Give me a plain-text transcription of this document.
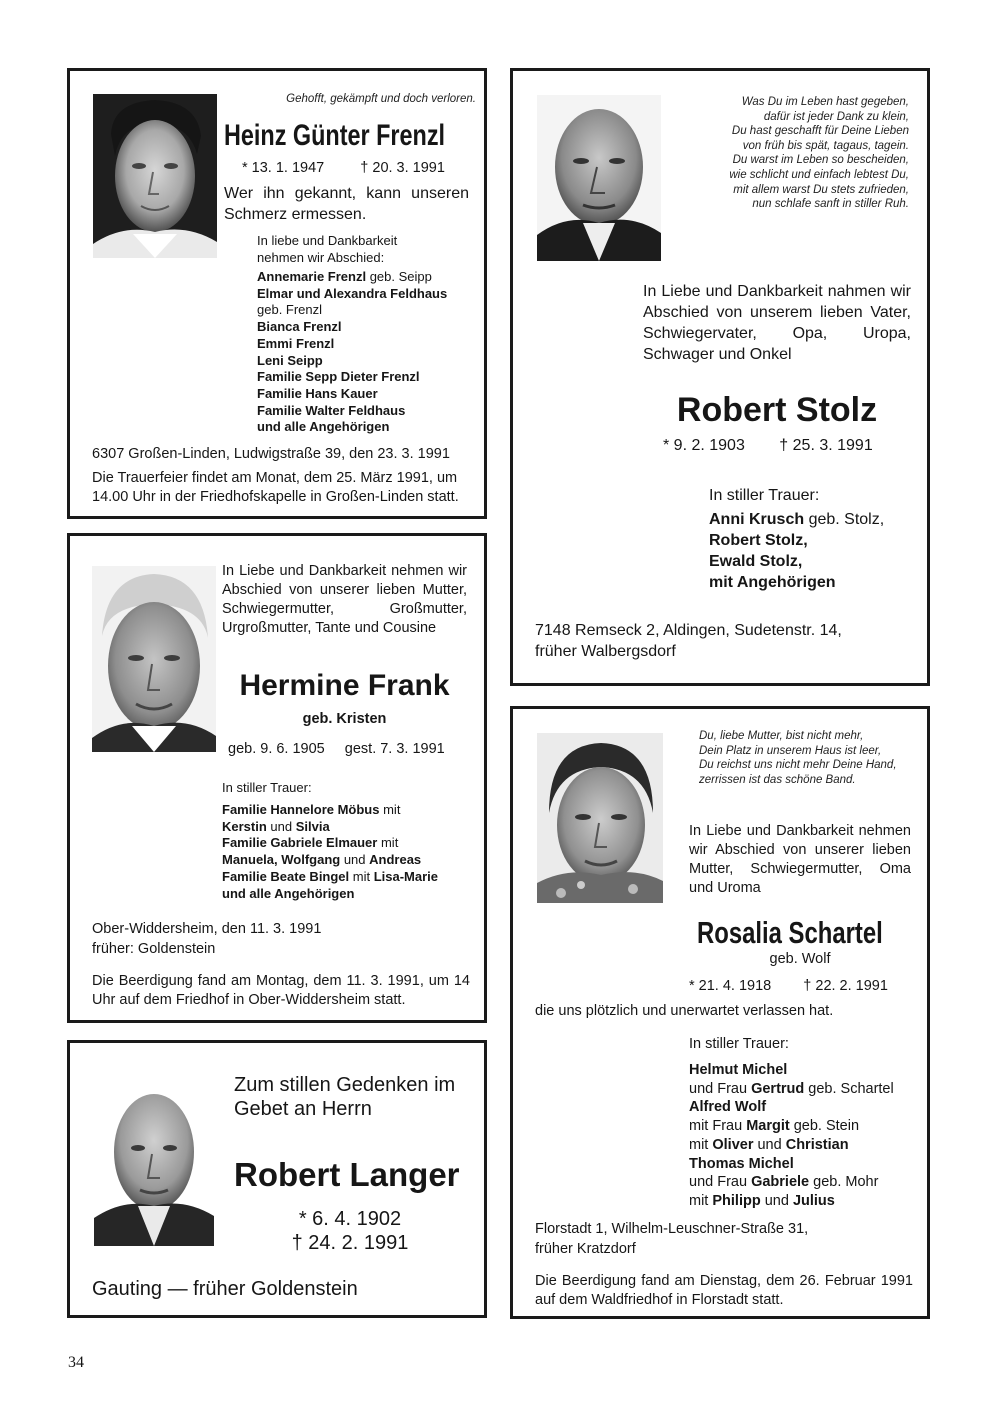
Gehofft, gekämpft und doch verloren.
Heinz Günter Frenzl
* 13. 1. 1947 † 20. 3. 1991
Wer ihn gekannt, kann unseren Schmerz ermessen.
In liebe und Dankbarkeit nehmen wir Abschied:
Annemarie Frenzl geb. Seipp
Elmar und Alexandra Feldhaus
geb. Frenzl
Bianca Frenzl
Emmi Frenzl
Leni Seipp
Familie Sepp Dieter Frenzl
Familie Hans Kauer
Familie Walter Feldhaus
und alle Angehörigen
6307 Großen-Linden, Ludwigstraße 39, den 23. 3. 1991
Die Trauerfeier findet am Monat, dem 25. März 1991, um 14.00 Uhr in der Friedhofskapelle in Großen-Linden statt.
In Liebe und Dankbarkeit nehmen wir Abschied von unserer lieben Mutter, Schwiegermutter, Großmutter, Urgroßmutter, Tante und Cousine
Hermine Frank
geb. Kristen
geb. 9. 6. 1905 gest. 7. 3. 1991
In stiller Trauer:
Familie Hannelore Möbus mit
Kerstin und Silvia
Familie Gabriele Elmauer mit
Manuela, Wolfgang und Andreas
Familie Beate Bingel mit Lisa-Marie
und alle Angehörigen
Ober-Widdersheim, den 11. 3. 1991
früher: Goldenstein
Die Beerdigung fand am Montag, dem 11. 3. 1991, um 14 Uhr auf dem Friedhof in Ober-Widdersheim statt.
Zum stillen Gedenken im Gebet an Herrn
Robert Langer
* 6. 4. 1902
† 24. 2. 1991
Gauting — früher Goldenstein
Was Du im Leben hast gegeben,
dafür ist jeder Dank zu klein,
Du hast geschafft für Deine Lieben
von früh bis spät, tagaus, tagein.
Du warst im Leben so bescheiden,
wie schlicht und einfach lebtest Du,
mit allem warst Du stets zufrieden,
nun schlafe sanft in stiller Ruh.
In Liebe und Dankbarkeit nahmen wir Abschied von unserem lieben Vater, Schwiegervater, Opa, Uropa, Schwager und Onkel
Robert Stolz
* 9. 2. 1903 † 25. 3. 1991
In stiller Trauer:
Anni Krusch geb. Stolz,
Robert Stolz,
Ewald Stolz,
mit Angehörigen
7148 Remseck 2, Aldingen, Sudetenstr. 14,
früher Walbergsdorf
Du, liebe Mutter, bist nicht mehr,
Dein Platz in unserem Haus ist leer,
Du reichst uns nicht mehr Deine Hand,
zerrissen ist das schöne Band.
In Liebe und Dankbarkeit nehmen wir Abschied von unserer lieben Mutter, Schwiegermutter, Oma und Uroma
Rosalia Schartel
geb. Wolf
* 21. 4. 1918 † 22. 2. 1991
die uns plötzlich und unerwartet verlassen hat.
In stiller Trauer:
Helmut Michel
und Frau Gertrud geb. Schartel
Alfred Wolf
mit Frau Margit geb. Stein
mit Oliver und Christian
Thomas Michel
und Frau Gabriele geb. Mohr
mit Philipp und Julius
Florstadt 1, Wilhelm-Leuschner-Straße 31,
früher Kratzdorf
Die Beerdigung fand am Dienstag, dem 26. Februar 1991 auf dem Waldfriedhof in Florstadt statt.
34
